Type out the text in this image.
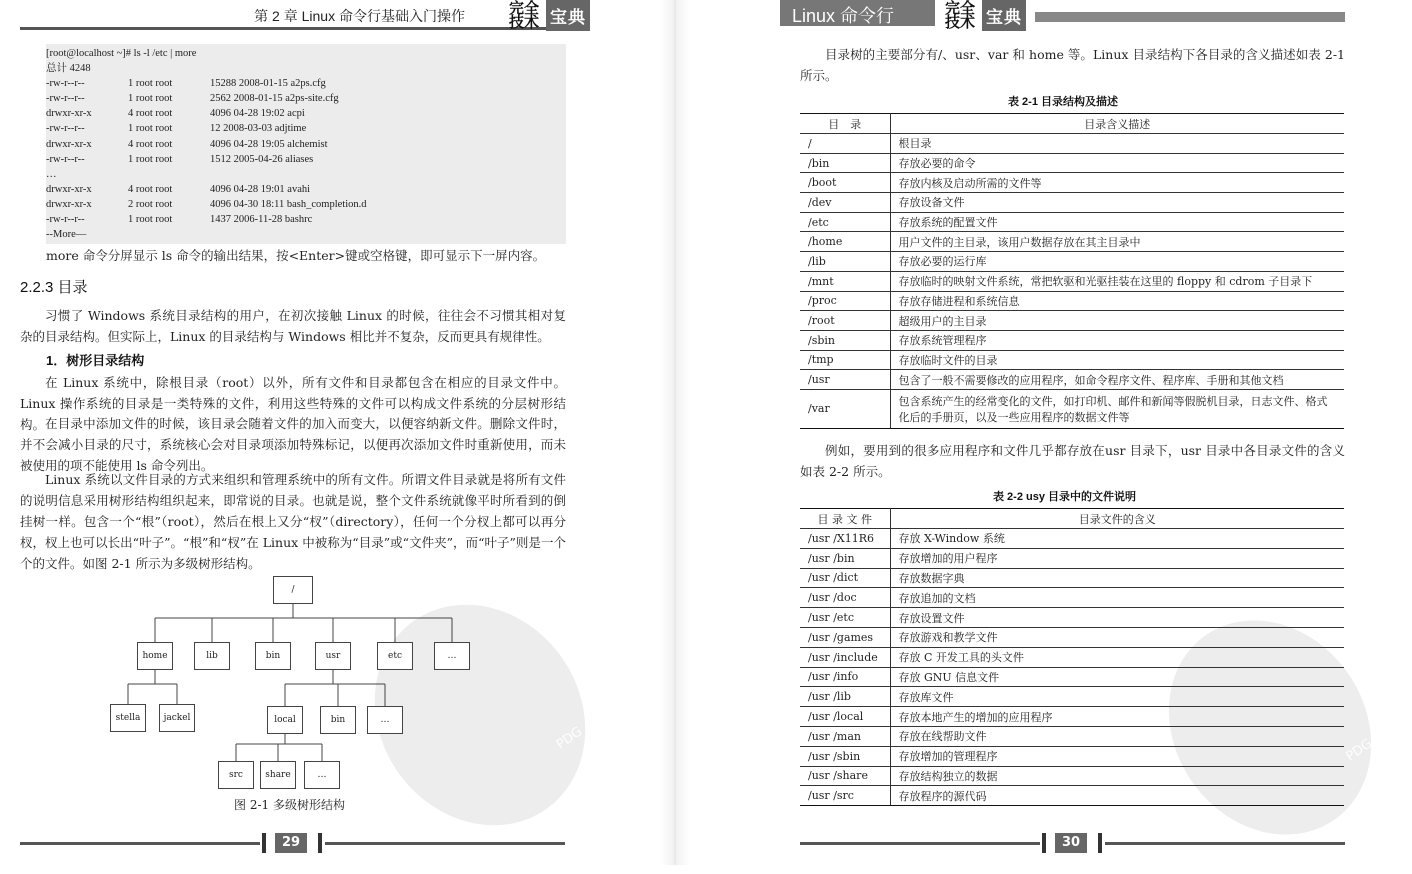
第 2 章 Linux 命令行基础入门操作	完全
技术 宝典
[root@localhost ~]# ls -l /etc | more
总计 4248
-rw-r--r--	1 root root	15288 2008-01-15 a2ps.cfg
-rw-r--r--	1 root root	2562 2008-01-15 a2ps-site.cfg
drwxr-xr-x	4 root root	4096 04-28 19:02 acpi
-rw-r--r--	1 root root	12 2008-03-03 adjtime
drwxr-xr-x	4 root root	4096 04-28 19:05 alchemist
-rw-r--r--	1 root root	1512 2005-04-26 aliases
…
drwxr-xr-x	4 root root	4096 04-28 19:01 avahi
drwxr-xr-x	2 root root	4096 04-30 18:11 bash_completion.d
-rw-r--r--	1 root root	1437 2006-11-28 bashrc
--More—
more 命令分屏显示 ls 命令的输出结果，按<Enter>键或空格键，即可显示下一屏内容。
2.2.3 目录
习惯了 Windows 系统目录结构的用户，在初次接触 Linux 的时候，往往会不习惯其相对复杂的目录结构。但实际上，Linux 的目录结构与 Windows 相比并不复杂，反而更具有规律性。
1．树形目录结构
在 Linux 系统中，除根目录（root）以外，所有文件和目录都包含在相应的目录文件中。Linux 操作系统的目录是一类特殊的文件，利用这些特殊的文件可以构成文件系统的分层树形结构。 在目录中添加文件的时候，该目录会随着文件的加入而变大，以便容纳新文件。删除文件时，并不会减小目录的尺寸，系统核心会对目录项添加特殊标记，以便再次添加文件时重新使用，而未被使用的项不能使用 ls 命令列出。
Linux 系统以文件目录的方式来组织和管理系统中的所有文件。所谓文件目录就是将所有文件的说明信息采用树形结构组织起来，即常说的目录。也就是说，整个文件系统就像平时所看到的倒挂树一样。包含一个“根”（root），然后在根上又分“杈”（directory），任何一个分杈上都可以再分杈，杈上也可以长出“叶子”。“根”和“杈”在 Linux 中被称为“目录”或“文件夹”，而“叶子”则是一个个的文件。如图 2-1 所示为多级树形结构。
PDG
/
home	lib	bin	usr	etc	…
stella	jackel	local	bin	…
src	share	…
图 2-1 多级树形结构
29
Linux 命令行	完全
技术 宝典
目录树的主要部分有/、usr、var 和 home 等。Linux 目录结构下各目录的含义描述如表 2-1 所示。
PDG
表 2-1 目录结构及描述
目　录	目录含义描述
/	根目录
/bin	存放必要的命令
/boot	存放内核及启动所需的文件等
/dev	存放设备文件
/etc	存放系统的配置文件
/home	用户文件的主目录，该用户数据存放在其主目录中
/lib	存放必要的运行库
/mnt	存放临时的映射文件系统，常把软驱和光驱挂装在这里的 floppy 和 cdrom 子目录下
/proc	存放存储进程和系统信息
/root	超级用户的主目录
/sbin	存放系统管理程序
/tmp	存放临时文件的目录
/usr	包含了一般不需要修改的应用程序，如命令程序文件、程序库、手册和其他文档
/var	包含系统产生的经常变化的文件，如打印机、邮件和新闻等假脱机目录，日志文件、格式化后的手册页，以及一些应用程序的数据文件等
例如，要用到的很多应用程序和文件几乎都存放在usr 目录下，usr 目录中各目录文件的含义如表 2-2 所示。
表 2-2 usy 目录中的文件说明
目 录 文 件	目录文件的含义
/usr /X11R6	存放 X-Window 系统
/usr /bin	存放增加的用户程序
/usr /dict	存放数据字典
/usr /doc	存放追加的文档
/usr /etc	存放设置文件
/usr /games	存放游戏和教学文件
/usr /include	存放 C 开发工具的头文件
/usr /info	存放 GNU 信息文件
/usr /lib	存放库文件
/usr /local	存放本地产生的增加的应用程序
/usr /man	存放在线帮助文件
/usr /sbin	存放增加的管理程序
/usr /share	存放结构独立的数据
/usr /src	存放程序的源代码
30
